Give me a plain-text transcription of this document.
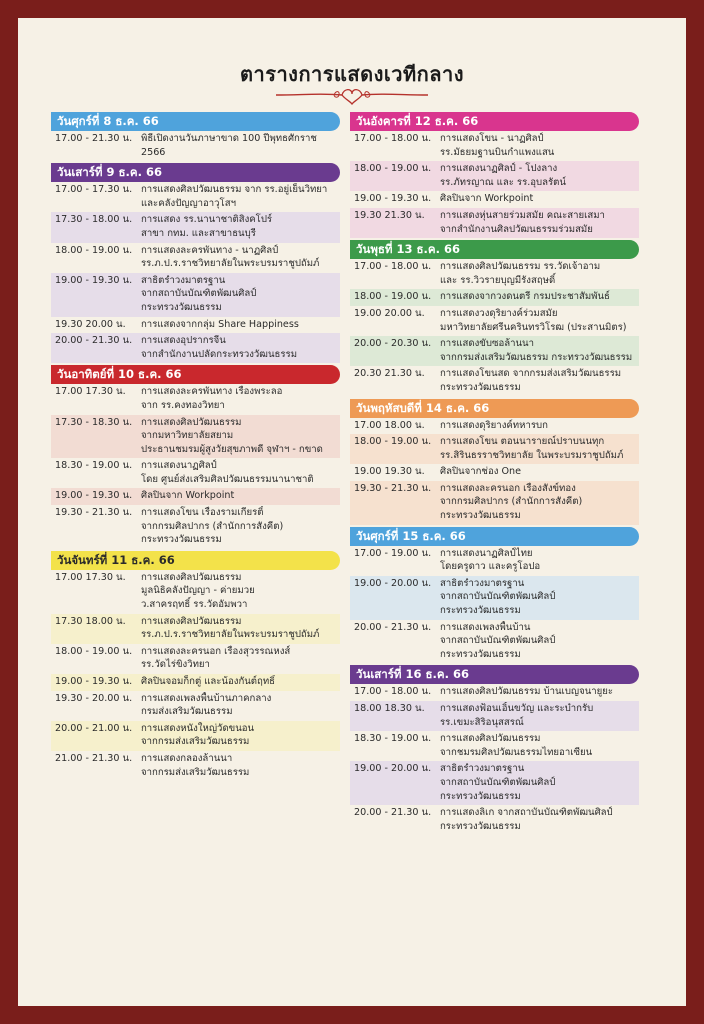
ตารางการแสดงเวทีกลาง
วันศุกร์ที่ 8 ธ.ค. 66
17.00 - 21.30 น. พิธีเปิดงานวันภาษาขาด 100 ปีพุทธศักราช 2566
วันเสาร์ที่ 9 ธ.ค. 66
17.00 - 17.30 น. การแสดงศิลปวัฒนธรรม จาก รร.อยู่เย็นวิทยา
และคลังปัญญาอาวุโสฯ
17.30 - 18.00 น. การแสดง รร.นานาชาติสิงคโปร์
สาขา กทม. และสาขาธนบุรี
18.00 - 19.00 น. การแสดงละครพันทาง - นาฏศิลป์
รร.ภ.ป.ร.ราชวิทยาลัยในพระบรมราชูปถัมภ์
19.00 - 19.30 น. สาธิตรำวงมาตรฐาน
จากสถาบันบัณฑิตพัฒนศิลป์
กระทรวงวัฒนธรรม
19.30 20.00 น.	การแสดงจากกลุ่ม Share Happiness
20.00 - 21.30 น. การแสดงอุปรากรจีน
จากสำนักงานปลัดกระทรวงวัฒนธรรม
วันอาทิตย์ที่ 10 ธ.ค. 66
17.00 17.30 น.	การแสดงละครพันทาง เรื่องพระลอ
จาก รร.คงทองวิทยา
17.30 - 18.30 น. การแสดงศิลปวัฒนธรรม
จากมหาวิทยาลัยสยาม
ประธานชมรมผู้สูงวัยสุขภาพดี จุฬาฯ - กขาด
18.30 - 19.00 น. การแสดงนาฏศิลป์
โดย ศูนย์ส่งเสริมศิลปวัฒนธรรมนานาชาติ
19.00 - 19.30 น. ศิลปินจาก Workpoint
19.30 - 21.30 น. การแสดงโขน เรื่องรามเกียรติ์
จากกรมศิลปากร (สำนักการสังคีต)
กระทรวงวัฒนธรรม
วันจันทร์ที่ 11 ธ.ค. 66
17.00 17.30 น.	การแสดงศิลปวัฒนธรรม
มูลนิธิคลังปัญญา - ค่ายมวย
ว.สาครฤทธิ์ รร.วัดอัมพวา
17.30 18.00 น.	การแสดงศิลปวัฒนธรรม
รร.ภ.ป.ร.ราชวิทยาลัยในพระบรมราชูปถัมภ์
18.00 - 19.00 น. การแสดงละครนอก เรื่องสุวรรณหงส์
รร.วัดไร่ขิงวิทยา
19.00 - 19.30 น. ศิลปินจอมก็กตู่ และน้องกันต์ฤทธิ์
19.30 - 20.00 น. การแสดงเพลงพื้นบ้านภาคกลาง
กรมส่งเสริมวัฒนธรรม
20.00 - 21.00 น. การแสดงหนังใหญ่วัดขนอน
จากกรมส่งเสริมวัฒนธรรม
21.00 - 21.30 น. การแสดงกลองล้านนา
จากกรมส่งเสริมวัฒนธรรม
วันอังคารที่ 12 ธ.ค. 66
17.00 - 18.00 น. การแสดงโขน - นาฏศิลป์
รร.มัธยมฐานบินกำแพงแสน
18.00 - 19.00 น. การแสดงนาฏศิลป์ - โปงลาง
รร.ภัทรญาณ และ รร.อุบลรัตน์
19.00 - 19.30 น. ศิลปินจาก Workpoint
19.30 21.30 น.	การแสดงหุ่นสายร่วมสมัย คณะสายเสมา
จากสำนักงานศิลปวัฒนธรรมร่วมสมัย
วันพุธที่ 13 ธ.ค. 66
17.00 - 18.00 น. การแสดงศิลปวัฒนธรรม รร.วัดเจ้าอาม
และ รร.วิวรายบุญมีรังสฤษดิ์
18.00 - 19.00 น. การแสดงจากวงดนตรี กรมประชาสัมพันธ์
19.00 20.00 น.	การแสดงวงดุริยางค์ร่วมสมัย
มหาวิทยาลัยศรีนครินทรวิโรฒ (ประสานมิตร)
20.00 - 20.30 น. การแสดงขับซอล้านนา
จากกรมส่งเสริมวัฒนธรรม กระทรวงวัฒนธรรม
20.30 21.30 น.	การแสดงโขนสด จากกรมส่งเสริมวัฒนธรรม
กระทรวงวัฒนธรรม
วันพฤหัสบดีที่ 14 ธ.ค. 66
17.00 18.00 น.	การแสดงดุริยางค์ทหารบก
18.00 - 19.00 น. การแสดงโขน ตอนนารายณ์ปราบนนทุก
รร.สิรินธรราชวิทยาลัย ในพระบรมราชูปถัมภ์
19.00 19.30 น.	ศิลปินจากช่อง One
19.30 - 21.30 น. การแสดงละครนอก เรื่องสังข์ทอง
จากกรมศิลปากร (สำนักการสังคีต)
กระทรวงวัฒนธรรม
วันศุกร์ที่ 15 ธ.ค. 66
17.00 - 19.00 น. การแสดงนาฏศิลป์ไทย
โดยครูดาว และครูโอปอ
19.00 - 20.00 น. สาธิตรำวงมาตรฐาน
จากสถาบันบัณฑิตพัฒนศิลป์
กระทรวงวัฒนธรรม
20.00 - 21.30 น. การแสดงเพลงพื้นบ้าน
จากสถาบันบัณฑิตพัฒนศิลป์
กระทรวงวัฒนธรรม
วันเสาร์ที่ 16 ธ.ค. 66
17.00 - 18.00 น. การแสดงศิลปวัฒนธรรม บ้านเบญจนายูยะ
18.00 18.30 น.	การแสดงฟ้อนเอิ้นขวัญ และระบำกรับ
รร.เขมะสิริอนุสสรณ์
18.30 - 19.00 น. การแสดงศิลปวัฒนธรรม
จากชมรมศิลปวัฒนธรรมไทยอาเซียน
19.00 - 20.00 น. สาธิตรำวงมาตรฐาน
จากสถาบันบัณฑิตพัฒนศิลป์
กระทรวงวัฒนธรรม
20.00 - 21.30 น. การแสดงลิเก จากสถาบันบัณฑิตพัฒนศิลป์
กระทรวงวัฒนธรรม
